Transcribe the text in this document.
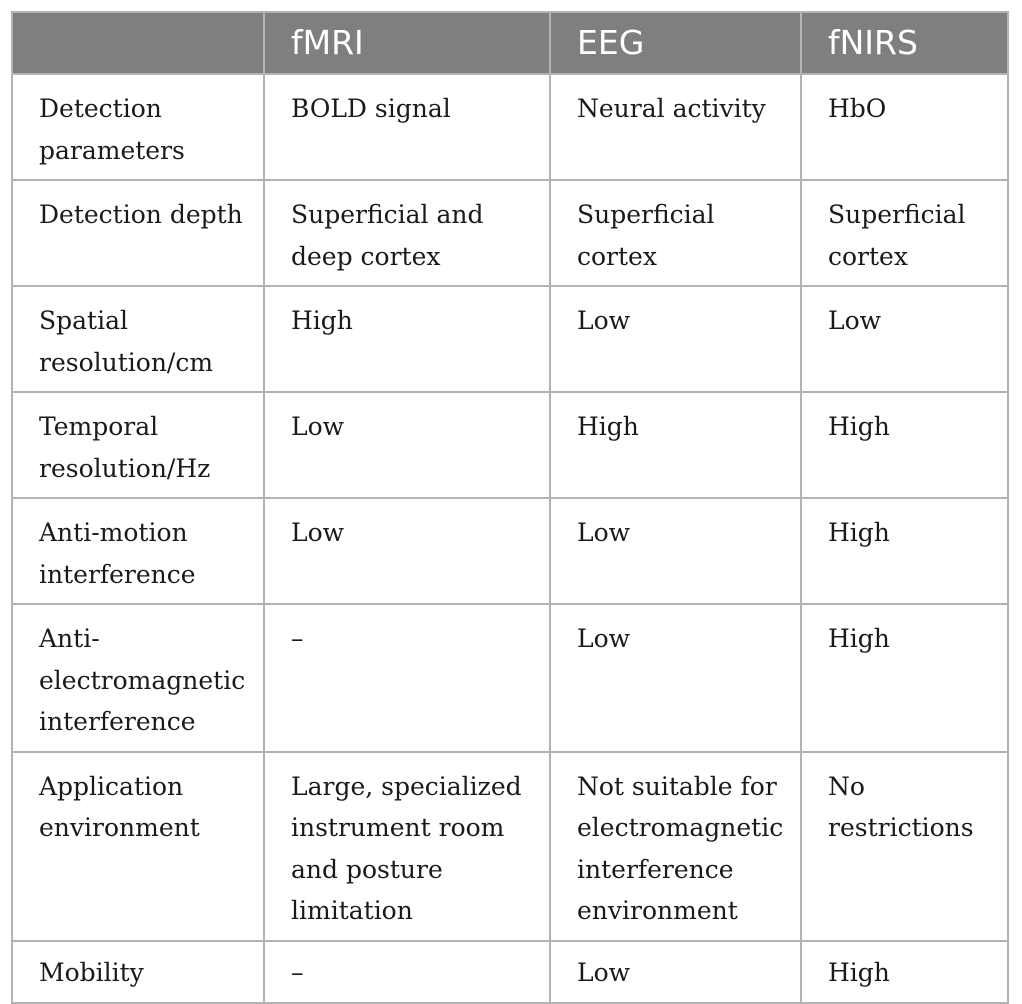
	fMRI	EEG	fNIRS
Detection parameters	BOLD signal	Neural activity	HbO
Detection depth	Superficial and deep cortex	Superficial cortex	Superficial cortex
Spatial resolution/cm	High	Low	Low
Temporal resolution/Hz	Low	High	High
Anti-motion interference	Low	Low	High
Anti-electromagnetic interference	–	Low	High
Application environment	Large, specialized instrument room and posture limitation	Not suitable for electromagnetic interference environment	No restrictions
Mobility	–	Low	High
